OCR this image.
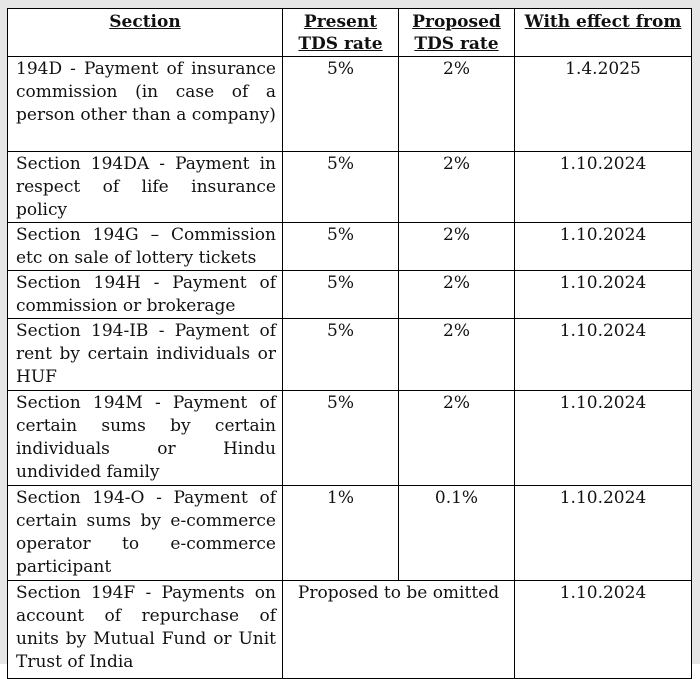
Section	Present TDS rate	Proposed TDS rate	With effect from
194D - Payment of insurance commission (in case of a person other than a company)	5%	2%	1.4.2025
Section 194DA - Payment in respect of life insurance policy	5%	2%	1.10.2024
Section 194G – Commission etc on sale of lottery tickets	5%	2%	1.10.2024
Section 194H - Payment of commission or brokerage	5%	2%	1.10.2024
Section 194-IB - Payment of rent by certain individuals or HUF	5%	2%	1.10.2024
Section 194M - Payment of certain sums by certain individuals or Hindu undivided family	5%	2%	1.10.2024
Section 194-O - Payment of certain sums by e-commerce operator to e-commerce participant	1%	0.1%	1.10.2024
Section 194F - Payments on account of repurchase of units by Mutual Fund or Unit Trust of India	Proposed to be omitted		1.10.2024
